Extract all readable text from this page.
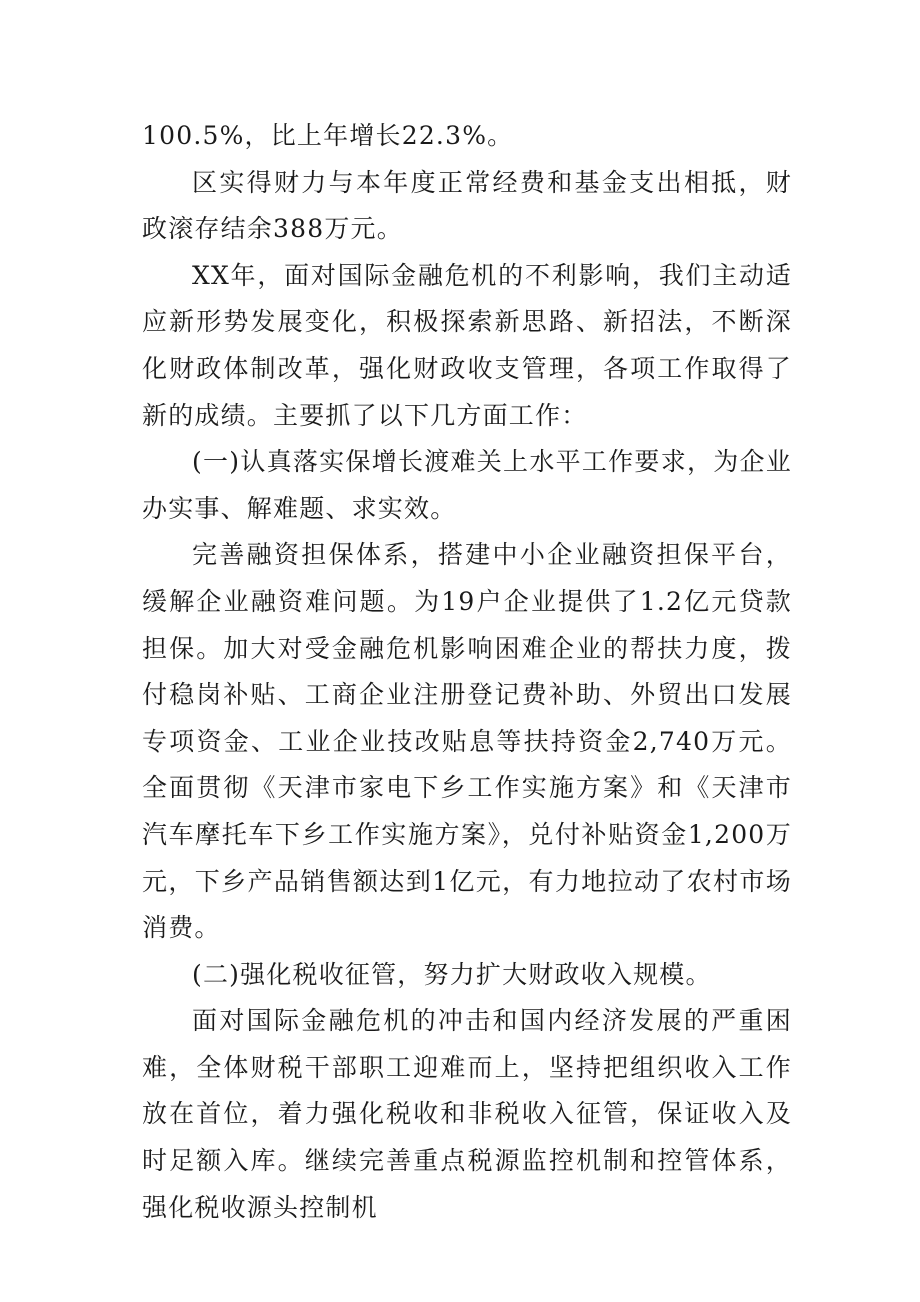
100.5%，比上年增长22.3%。

区实得财力与本年度正常经费和基金支出相抵，财政滚存结余388万元。

XX年，面对国际金融危机的不利影响，我们主动适应新形势发展变化，积极探索新思路、新招法，不断深化财政体制改革，强化财政收支管理，各项工作取得了新的成绩。主要抓了以下几方面工作：

(一)认真落实保增长渡难关上水平工作要求，为企业办实事、解难题、求实效。

完善融资担保体系，搭建中小企业融资担保平台，缓解企业融资难问题。为19户企业提供了1.2亿元贷款担保。加大对受金融危机影响困难企业的帮扶力度，拨付稳岗补贴、工商企业注册登记费补助、外贸出口发展专项资金、工业企业技改贴息等扶持资金2,740万元。全面贯彻《天津市家电下乡工作实施方案》和《天津市汽车摩托车下乡工作实施方案》，兑付补贴资金1,200万元，下乡产品销售额达到1亿元，有力地拉动了农村市场消费。

(二)强化税收征管，努力扩大财政收入规模。

面对国际金融危机的冲击和国内经济发展的严重困难，全体财税干部职工迎难而上，坚持把组织收入工作放在首位，着力强化税收和非税收入征管，保证收入及时足额入库。继续完善重点税源监控机制和控管体系，强化税收源头控制机
